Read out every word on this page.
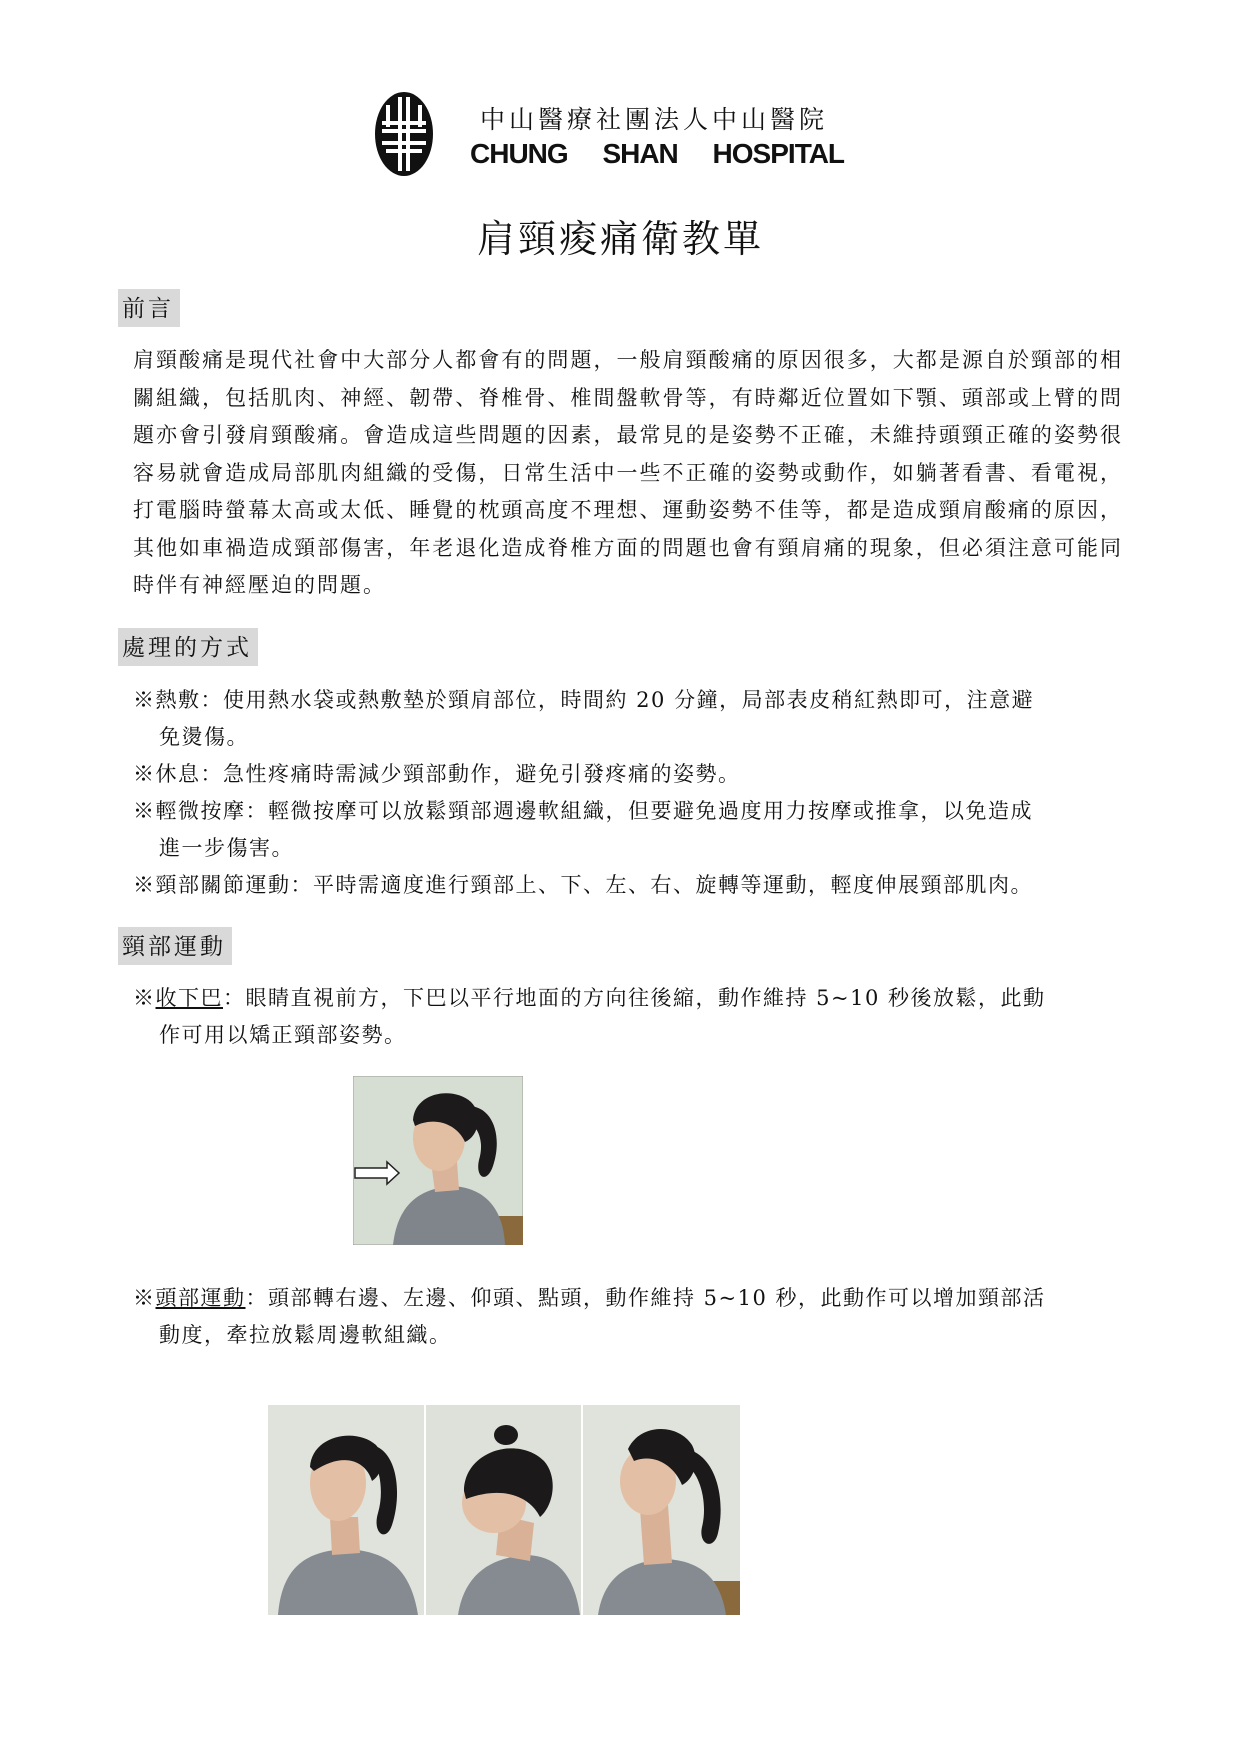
中山醫療社團法人中山醫院
CHUNG SHAN HOSPITAL
肩頸痠痛衛教單
前言
肩頸酸痛是現代社會中大部分人都會有的問題，一般肩頸酸痛的原因很多，大都是源自於頸部的相關組織，包括肌肉、神經、韌帶、脊椎骨、椎間盤軟骨等，有時鄰近位置如下顎、頭部或上臂的問題亦會引發肩頸酸痛。會造成這些問題的因素，最常見的是姿勢不正確，未維持頭頸正確的姿勢很容易就會造成局部肌肉組織的受傷，日常生活中一些不正確的姿勢或動作，如躺著看書、看電視，打電腦時螢幕太高或太低、睡覺的枕頭高度不理想、運動姿勢不佳等，都是造成頸肩酸痛的原因，其他如車禍造成頸部傷害，年老退化造成脊椎方面的問題也會有頸肩痛的現象，但必須注意可能同時伴有神經壓迫的問題。
處理的方式
※熱敷：使用熱水袋或熱敷墊於頸肩部位，時間約 20 分鐘，局部表皮稍紅熱即可，注意避
免燙傷。
※休息：急性疼痛時需減少頸部動作，避免引發疼痛的姿勢。
※輕微按摩：輕微按摩可以放鬆頸部週邊軟組織，但要避免過度用力按摩或推拿，以免造成
進一步傷害。
※頸部關節運動：平時需適度進行頸部上、下、左、右、旋轉等運動，輕度伸展頸部肌肉。
頸部運動
※收下巴：眼睛直視前方，下巴以平行地面的方向往後縮，動作維持 5~10 秒後放鬆，此動
作可用以矯正頸部姿勢。
※頭部運動：頭部轉右邊、左邊、仰頭、點頭，動作維持 5~10 秒，此動作可以增加頸部活
動度，牽拉放鬆周邊軟組織。
